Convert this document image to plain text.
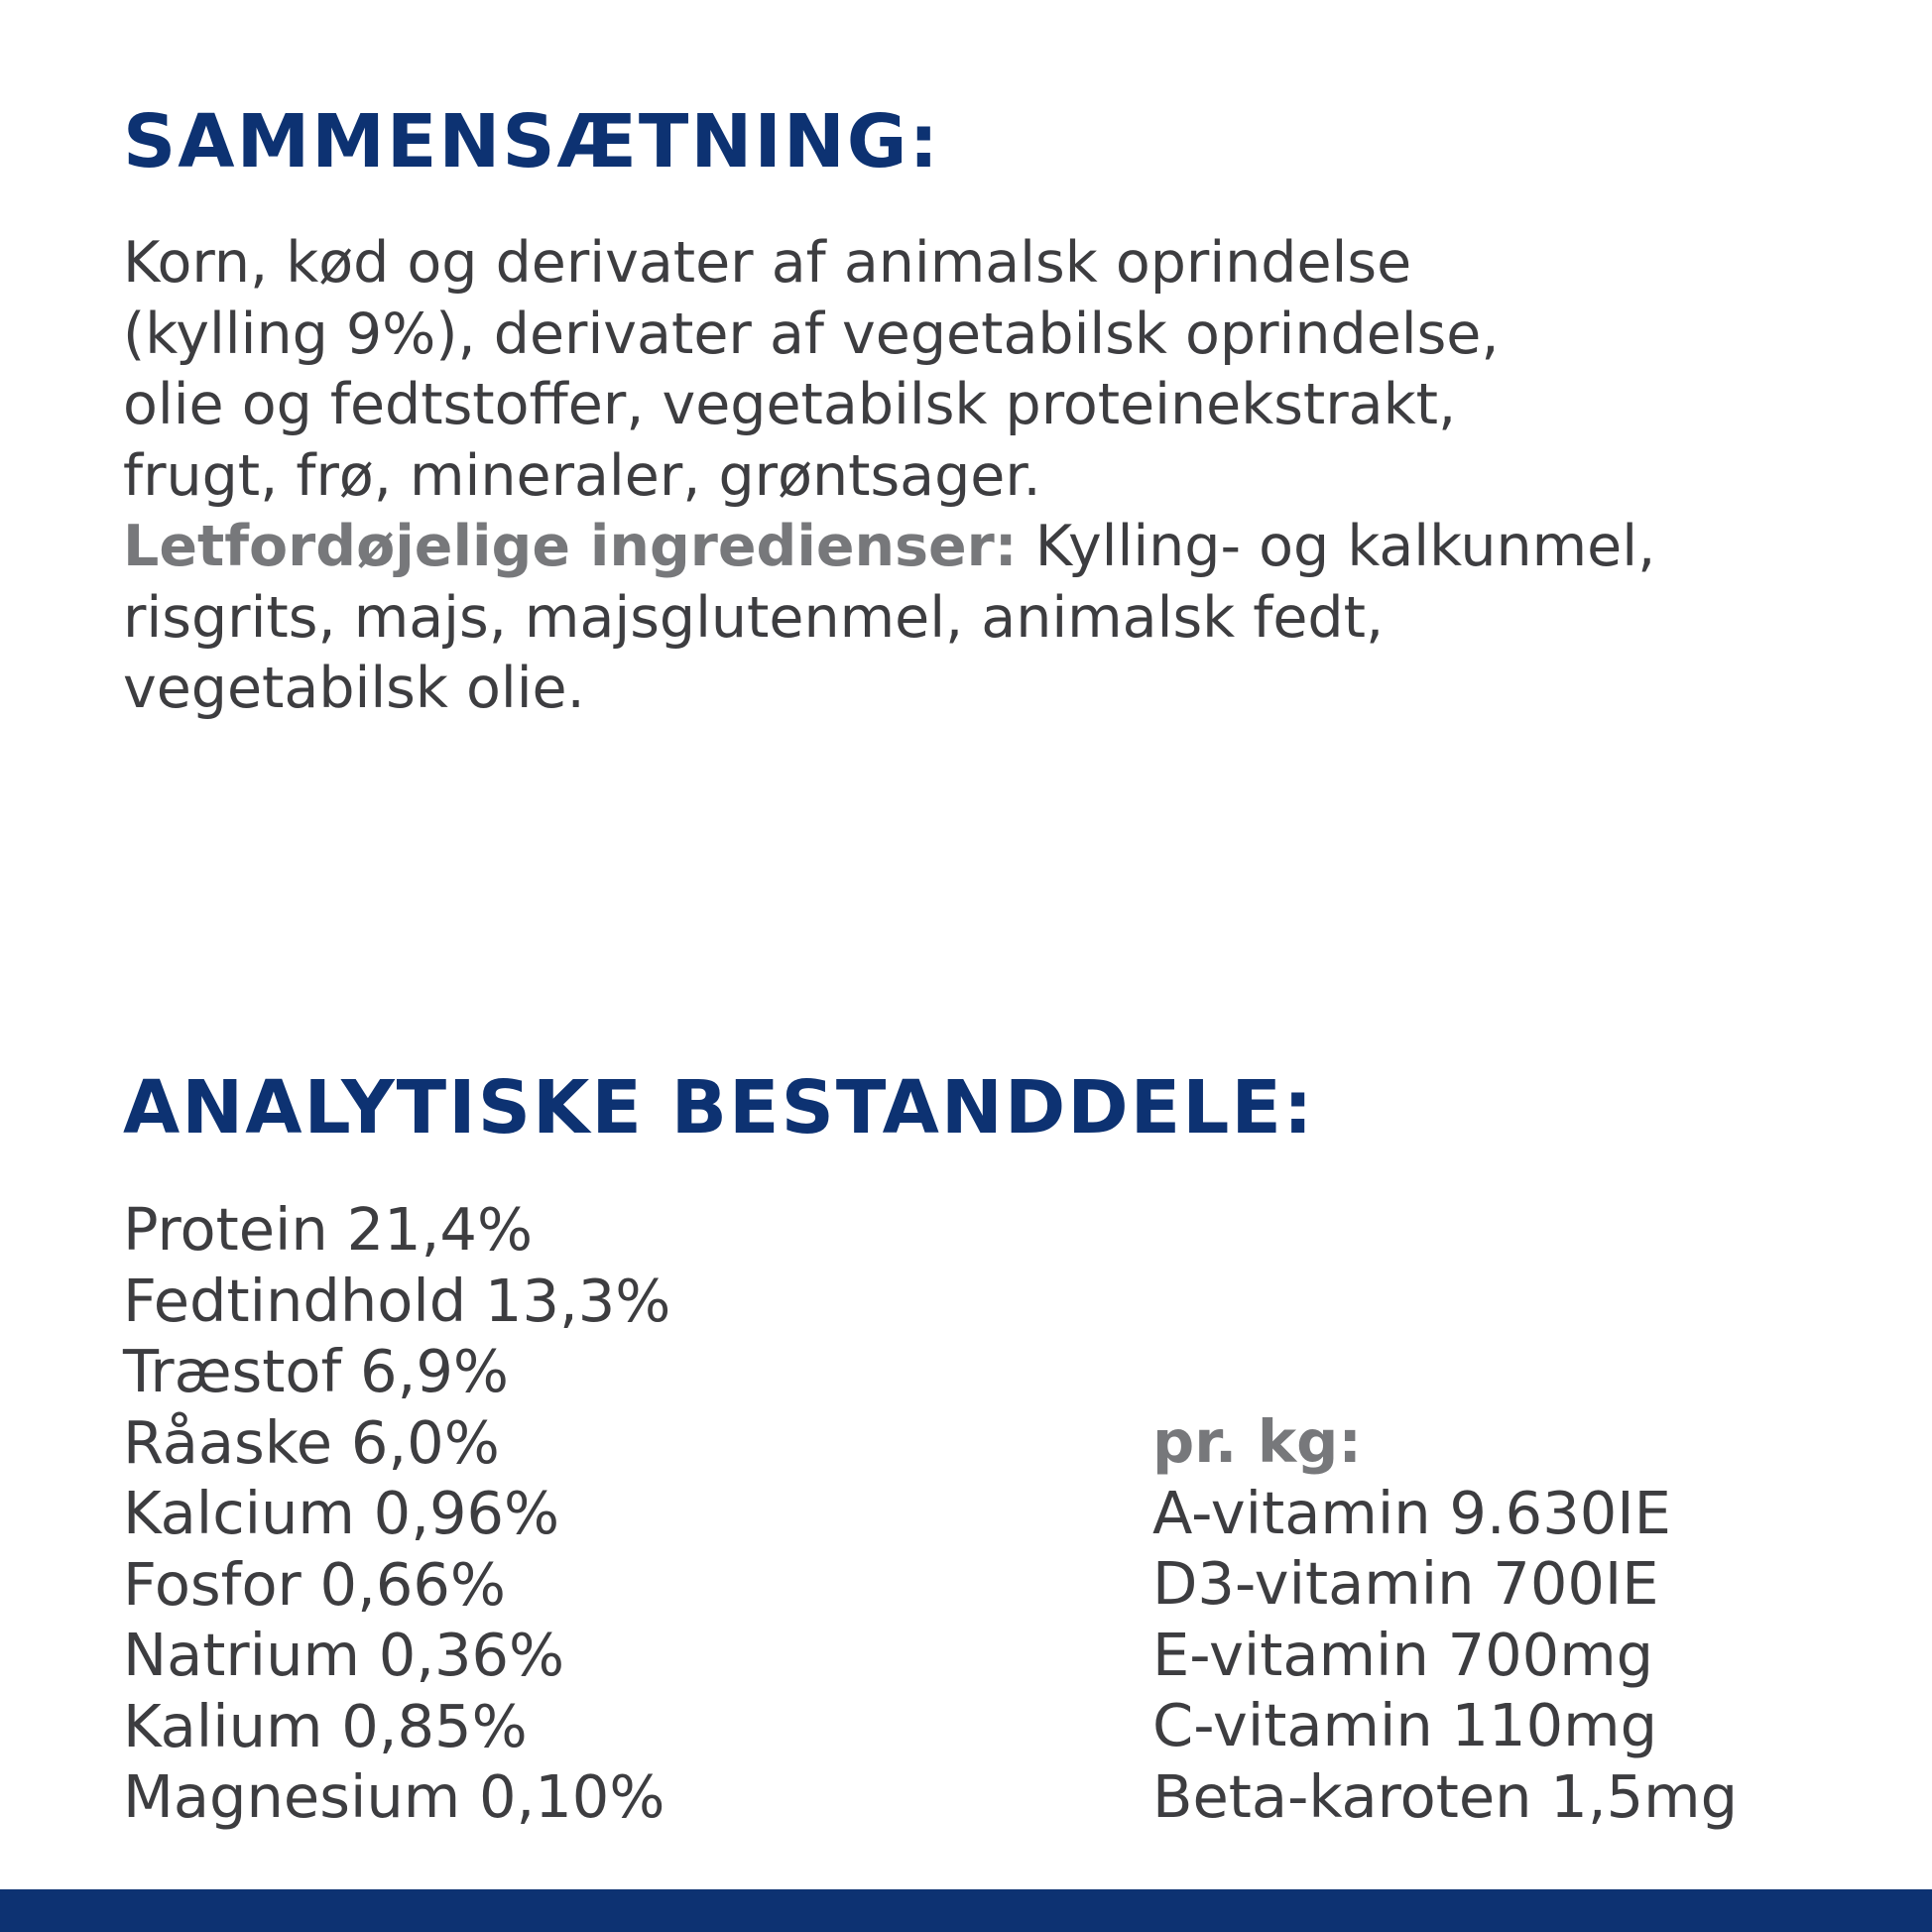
SAMMENSÆTNING:
Korn, kød og derivater af animalsk oprindelse
(kylling 9%), derivater af vegetabilsk oprindelse,
olie og fedtstoffer, vegetabilsk proteinekstrakt,
frugt, frø, mineraler, grøntsager.
Letfordøjelige ingredienser: Kylling- og kalkunmel,
risgrits, majs, majsglutenmel, animalsk fedt,
vegetabilsk olie.
ANALYTISKE BESTANDDELE:
Protein 21,4%
Fedtindhold 13,3%
Træstof 6,9%
Råaske 6,0%
Kalcium 0,96%
Fosfor 0,66%
Natrium 0,36%
Kalium 0,85%
Magnesium 0,10%
pr. kg:
A-vitamin 9.630IE
D3-vitamin 700IE
E-vitamin 700mg
C-vitamin 110mg
Beta-karoten 1,5mg
